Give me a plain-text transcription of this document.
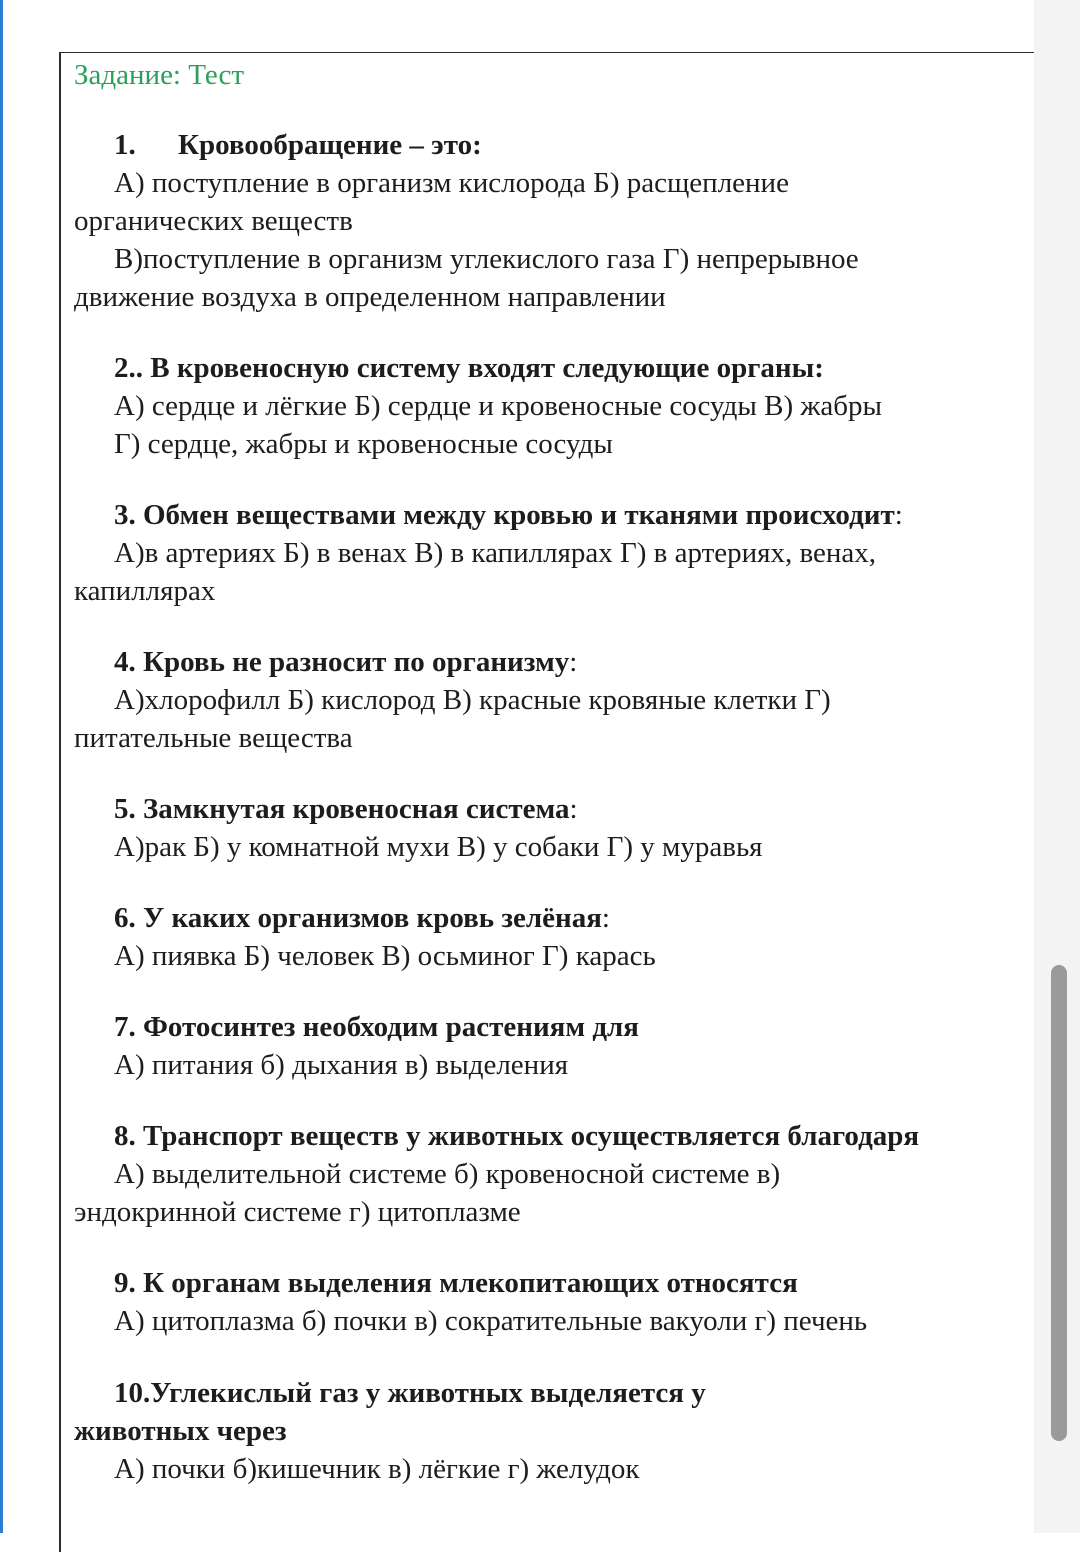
Задание: Тест
1. Кровообращение – это:
А) поступление в организм кислорода Б) расщепление
органических веществ
В)поступление в организм углекислого газа Г) непрерывное
движение воздуха в определенном направлении
2.. В кровеносную систему входят следующие органы:
А) сердце и лёгкие Б) сердце и кровеносные сосуды В) жабры
Г) сердце, жабры и кровеносные сосуды
3. Обмен веществами между кровью и тканями происходит:
А)в артериях Б) в венах В) в капиллярах Г) в артериях, венах,
капиллярах
4. Кровь не разносит по организму:
А)хлорофилл Б) кислород В) красные кровяные клетки Г)
питательные вещества
5. Замкнутая кровеносная система:
А)рак Б) у комнатной мухи В) у собаки Г) у муравья
6. У каких организмов кровь зелёная:
А) пиявка Б) человек В) осьминог Г) карась
7. Фотосинтез необходим растениям для
А) питания б) дыхания в) выделения
8. Транспорт веществ у животных осуществляется благодаря
А) выделительной системе б) кровеносной системе в)
эндокринной системе г) цитоплазме
9. К органам выделения млекопитающих относятся
А) цитоплазма б) почки в) сократительные вакуоли г) печень
10.Углекислый газ у животных выделяется у
животных через
А) почки б)кишечник в) лёгкие г) желудок
